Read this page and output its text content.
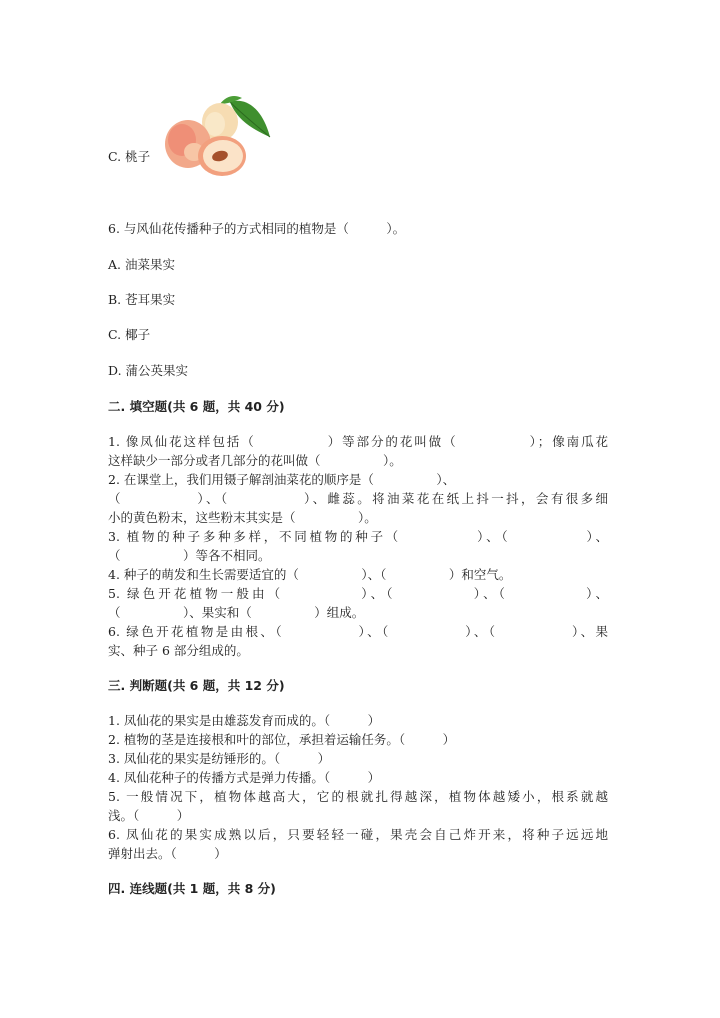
C. 桃子
6. 与风仙花传播种子的方式相同的植物是（　　　）。
A. 油菜果实
B. 苍耳果实
C. 椰子
D. 蒲公英果实
二. 填空题(共 6 题，共 40 分)
1. 像凤仙花这样包括（　　　　　）等部分的花叫做（　　　　　）；像南瓜花
这样缺少一部分或者几部分的花叫做（　　　　　）。
2. 在课堂上，我们用镊子解剖油菜花的顺序是（　　　　　）、
（　　　　　）、（　　　　　）、雌蕊。将油菜花在纸上抖一抖，会有很多细
小的黄色粉末，这些粉末其实是（　　　　　）。
3. 植物的种子多种多样，不同植物的种子（　　　　　）、（　　　　　）、
（　　　　　）等各不相同。
4. 种子的萌发和生长需要适宜的（　　　　　）、（　　　　　）和空气。
5. 绿色开花植物一般由（　　　　　）、（　　　　　）、（　　　　　）、
（　　　　　）、果实和（　　　　　）组成。
6. 绿色开花植物是由根、（　　　　　）、（　　　　　）、（　　　　　）、果
实、种子 6 部分组成的。
三. 判断题(共 6 题，共 12 分)
1. 凤仙花的果实是由雄蕊发育而成的。（　　　）
2. 植物的茎是连接根和叶的部位，承担着运输任务。（　　　）
3. 凤仙花的果实是纺锤形的。（　　　）
4. 凤仙花种子的传播方式是弹力传播。（　　　）
5. 一般情况下，植物体越高大，它的根就扎得越深，植物体越矮小，根系就越
浅。（　　　）
6. 凤仙花的果实成熟以后，只要轻轻一碰，果壳会自己炸开来，将种子远远地
弹射出去。（　　　）
四. 连线题(共 1 题，共 8 分)
